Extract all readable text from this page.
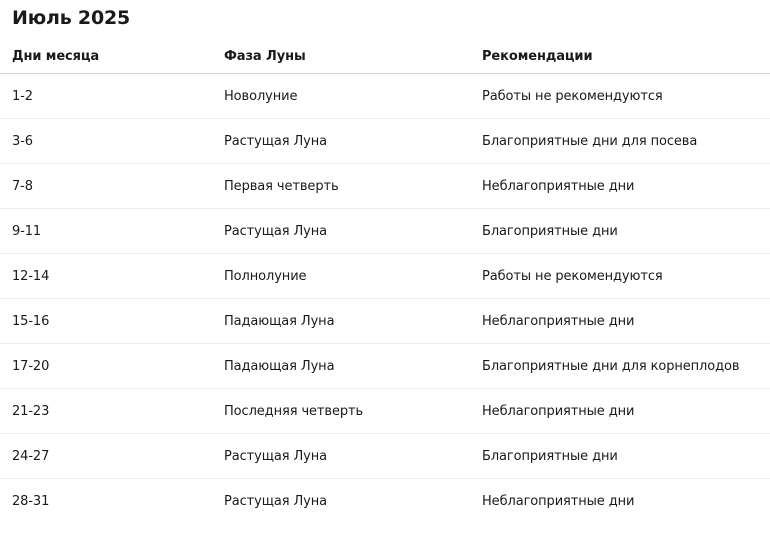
Июль 2025
Дни месяца	Фаза Луны	Рекомендации
1-2	Новолуние	Работы не рекомендуются
3-6	Растущая Луна	Благоприятные дни для посева
7-8	Первая четверть	Неблагоприятные дни
9-11	Растущая Луна	Благоприятные дни
12-14	Полнолуние	Работы не рекомендуются
15-16	Падающая Луна	Неблагоприятные дни
17-20	Падающая Луна	Благоприятные дни для корнеплодов
21-23	Последняя четверть	Неблагоприятные дни
24-27	Растущая Луна	Благоприятные дни
28-31	Растущая Луна	Неблагоприятные дни
